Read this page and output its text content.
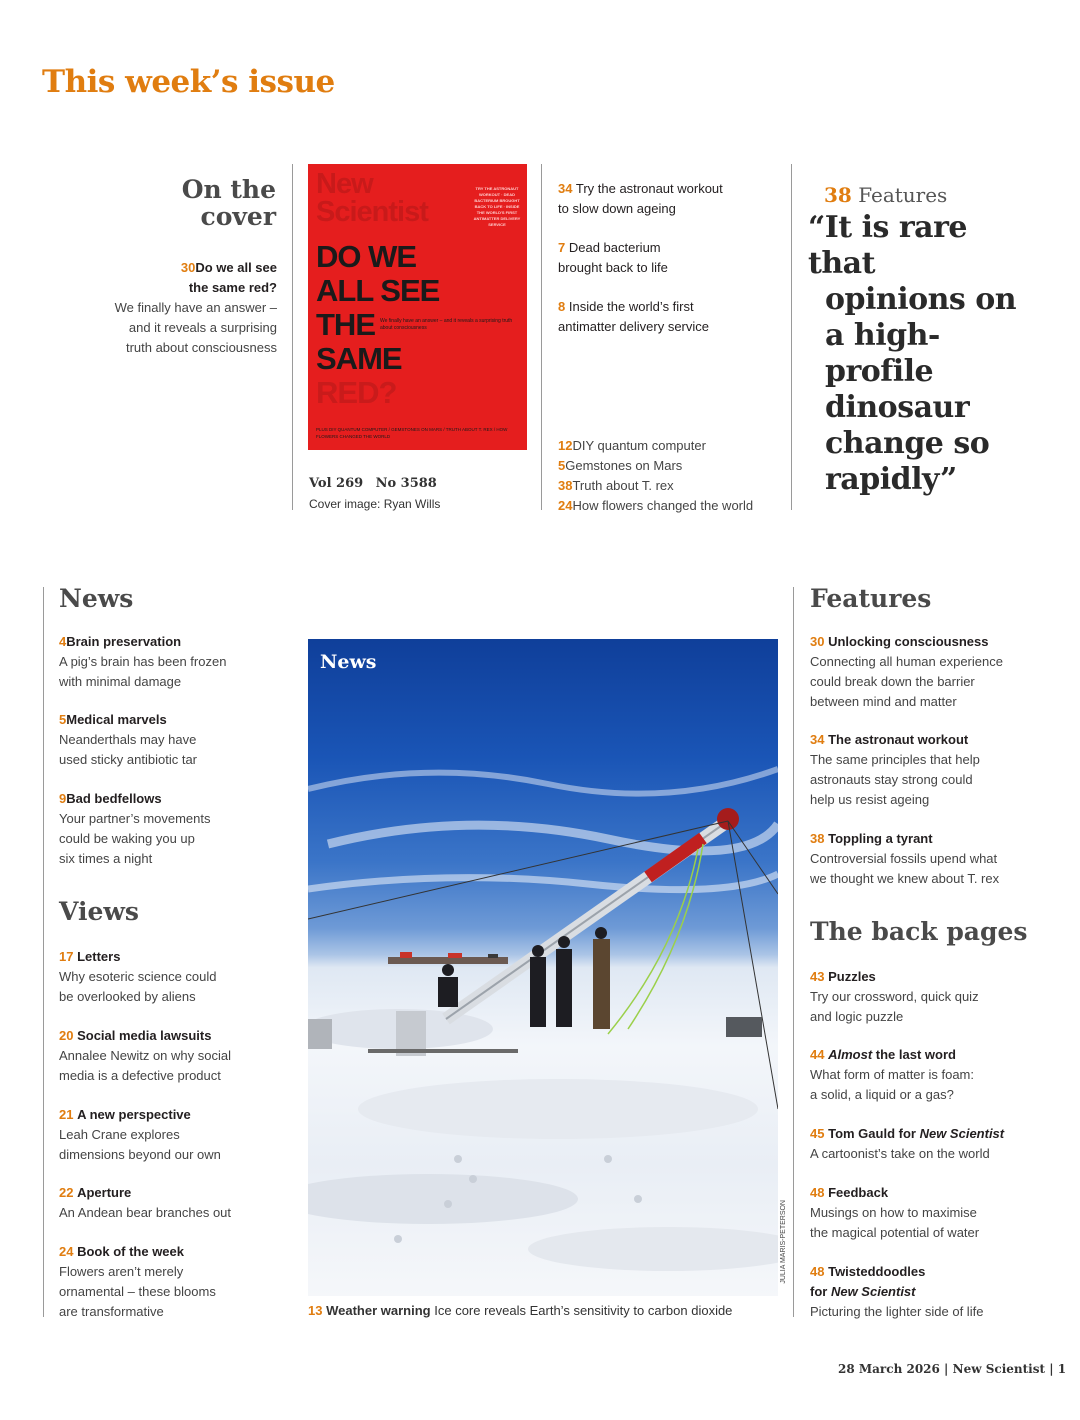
This week’s issue
On the
cover
30Do we all see
the same red?
We finally have an answer –
and it reveals a surprising
truth about consciousness
New
Scientist
TRY THE ASTRONAUT WORKOUT · DEAD BACTERIUM BROUGHT BACK TO LIFE · INSIDE THE WORLD'S FIRST ANTIMATTER DELIVERY SERVICE
DO WE
ALL SEE
THE
SAME
RED?
We finally have an answer – and it reveals a surprising truth about consciousness
PLUS DIY QUANTUM COMPUTER / GEMSTONES ON MARS / TRUTH ABOUT T. REX / HOW FLOWERS CHANGED THE WORLD
Vol 269 No 3588
Cover image: Ryan Wills
34 Try the astronaut workout
to slow down ageing
7 Dead bacterium
brought back to life
8 Inside the world’s first
antimatter delivery service
12DIY quantum computer
5Gemstones on Mars
38Truth about T. rex
24How flowers changed the world
38 Features
“It is rare that
opinions on
a high-profile
dinosaur
change so
rapidly”
News
4Brain preservation
A pig’s brain has been frozen
with minimal damage
5Medical marvels
Neanderthals may have
used sticky antibiotic tar
9Bad bedfellows
Your partner’s movements
could be waking you up
six times a night
Views
17 Letters
Why esoteric science could
be overlooked by aliens
20 Social media lawsuits
Annalee Newitz on why social
media is a defective product
21 A new perspective
Leah Crane explores
dimensions beyond our own
22 Aperture
An Andean bear branches out
24 Book of the week
Flowers aren’t merely
ornamental – these blooms
are transformative
News
JULIA MARIS-PETERSON
13 Weather warning Ice core reveals Earth’s sensitivity to carbon dioxide
Features
30 Unlocking consciousness
Connecting all human experience
could break down the barrier
between mind and matter
34 The astronaut workout
The same principles that help
astronauts stay strong could
help us resist ageing
38 Toppling a tyrant
Controversial fossils upend what
we thought we knew about T. rex
The back pages
43 Puzzles
Try our crossword, quick quiz
and logic puzzle
44 Almost the last word
What form of matter is foam:
a solid, a liquid or a gas?
45 Tom Gauld for New Scientist
A cartoonist’s take on the world
48 Feedback
Musings on how to maximise
the magical potential of water
48 Twisteddoodles
for New Scientist
Picturing the lighter side of life
28 March 2026 | New Scientist | 1
